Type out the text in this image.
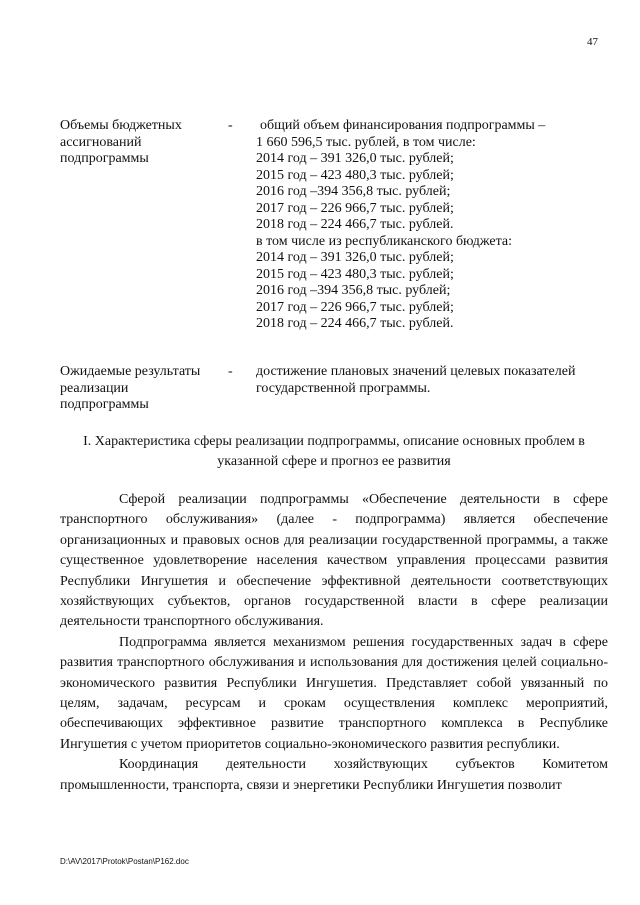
47
Объемы бюджетных
ассигнований
подпрограммы
- общий объем финансирования подпрограммы –
1 660 596,5 тыс. рублей, в том числе:
2014 год – 391 326,0 тыс. рублей;
2015 год – 423 480,3 тыс. рублей;
2016 год –394 356,8 тыс. рублей;
2017 год – 226 966,7 тыс. рублей;
2018 год – 224 466,7 тыс. рублей.
в том числе из республиканского бюджета:
2014 год – 391 326,0 тыс. рублей;
2015 год – 423 480,3 тыс. рублей;
2016 год –394 356,8 тыс. рублей;
2017 год – 226 966,7 тыс. рублей;
2018 год – 224 466,7 тыс. рублей.
Ожидаемые результаты
реализации
подпрограммы
- достижение плановых значений целевых показателей государственной программы.
I. Характеристика сферы реализации подпрограммы, описание основных проблем в указанной сфере и прогноз ее развития

Сферой реализации подпрограммы «Обеспечение деятельности в сфере транспортного обслуживания» (далее - подпрограмма) является обеспечение организационных и правовых основ для реализации государственной программы, а также существенное удовлетворение населения качеством управления процессами развития Республики Ингушетия и обеспечение эффективной деятельности соответствующих хозяйствующих субъектов, органов государственной власти в сфере реализации деятельности транспортного обслуживания.

Подпрограмма является механизмом решения государственных задач в сфере развития транспортного обслуживания и использования для достижения целей социально-экономического развития Республики Ингушетия. Представляет собой увязанный по целям, задачам, ресурсам и срокам осуществления комплекс мероприятий, обеспечивающих эффективное развитие транспортного комплекса в Республике Ингушетия с учетом приоритетов социально-экономического развития республики.

Координация деятельности хозяйствующих субъектов Комитетом промышленности, транспорта, связи и энергетики Республики Ингушетия позволит

D:\AV\2017\Protok\Postan\P162.doc
